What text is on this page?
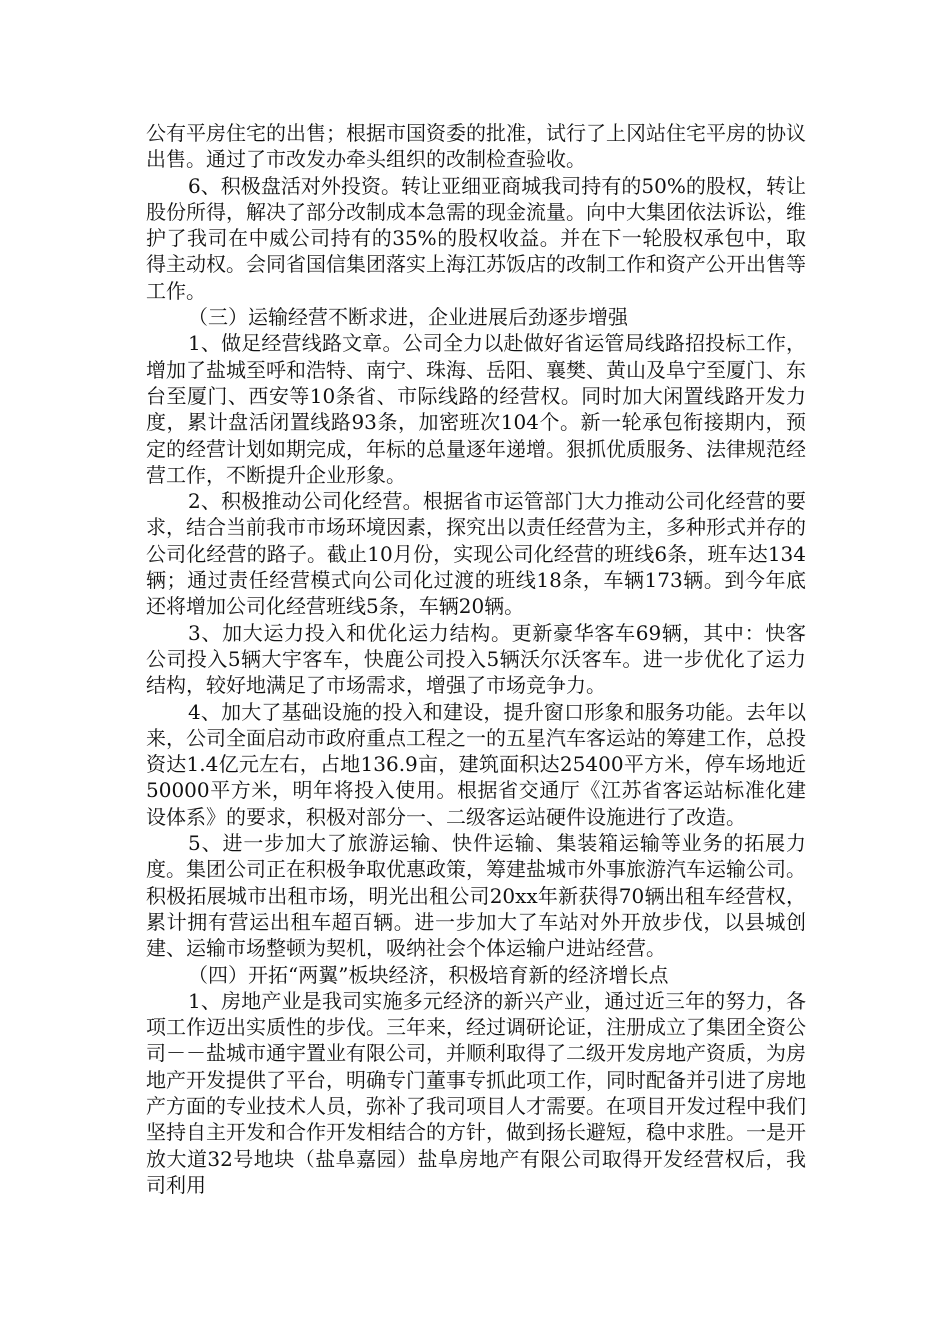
公有平房住宅的出售；根据市国资委的批准，试行了上冈站住宅平房的协议出售。通过了市改发办牵头组织的改制检查验收。

6、积极盘活对外投资。转让亚细亚商城我司持有的50%的股权，转让股份所得，解决了部分改制成本急需的现金流量。向中大集团依法诉讼，维护了我司在中威公司持有的35%的股权收益。并在下一轮股权承包中，取得主动权。会同省国信集团落实上海江苏饭店的改制工作和资产公开出售等工作。

（三）运输经营不断求进，企业进展后劲逐步增强

1、做足经营线路文章。公司全力以赴做好省运管局线路招投标工作，增加了盐城至呼和浩特、南宁、珠海、岳阳、襄樊、黄山及阜宁至厦门、东台至厦门、西安等10条省、市际线路的经营权。同时加大闲置线路开发力度，累计盘活闭置线路93条，加密班次104个。新一轮承包衔接期内，预定的经营计划如期完成，年标的总量逐年递增。狠抓优质服务、法律规范经营工作，不断提升企业形象。

2、积极推动公司化经营。根据省市运管部门大力推动公司化经营的要求，结合当前我市市场环境因素，探究出以责任经营为主，多种形式并存的公司化经营的路子。截止10月份，实现公司化经营的班线6条，班车达134辆；通过责任经营模式向公司化过渡的班线18条，车辆173辆。到今年底还将增加公司化经营班线5条，车辆20辆。

3、加大运力投入和优化运力结构。更新豪华客车69辆，其中：快客公司投入5辆大宇客车，快鹿公司投入5辆沃尔沃客车。进一步优化了运力结构，较好地满足了市场需求，增强了市场竞争力。

4、加大了基础设施的投入和建设，提升窗口形象和服务功能。去年以来，公司全面启动市政府重点工程之一的五星汽车客运站的筹建工作，总投资达1.4亿元左右，占地136.9亩，建筑面积达25400平方米，停车场地近50000平方米，明年将投入使用。根据省交通厅《江苏省客运站标准化建设体系》的要求，积极对部分一、二级客运站硬件设施进行了改造。

5、进一步加大了旅游运输、快件运输、集装箱运输等业务的拓展力度。集团公司正在积极争取优惠政策，筹建盐城市外事旅游汽车运输公司。积极拓展城市出租市场，明光出租公司20xx年新获得70辆出租车经营权，累计拥有营运出租车超百辆。进一步加大了车站对外开放步伐，以县城创建、运输市场整顿为契机，吸纳社会个体运输户进站经营。

（四）开拓“两翼”板块经济，积极培育新的经济增长点

1、房地产业是我司实施多元经济的新兴产业，通过近三年的努力，各项工作迈出实质性的步伐。三年来，经过调研论证，注册成立了集团全资公司－－盐城市通宇置业有限公司，并顺利取得了二级开发房地产资质，为房地产开发提供了平台，明确专门董事专抓此项工作，同时配备并引进了房地产方面的专业技术人员，弥补了我司项目人才需要。在项目开发过程中我们坚持自主开发和合作开发相结合的方针，做到扬长避短，稳中求胜。一是开放大道32号地块（盐阜嘉园）盐阜房地产有限公司取得开发经营权后，我司利用
